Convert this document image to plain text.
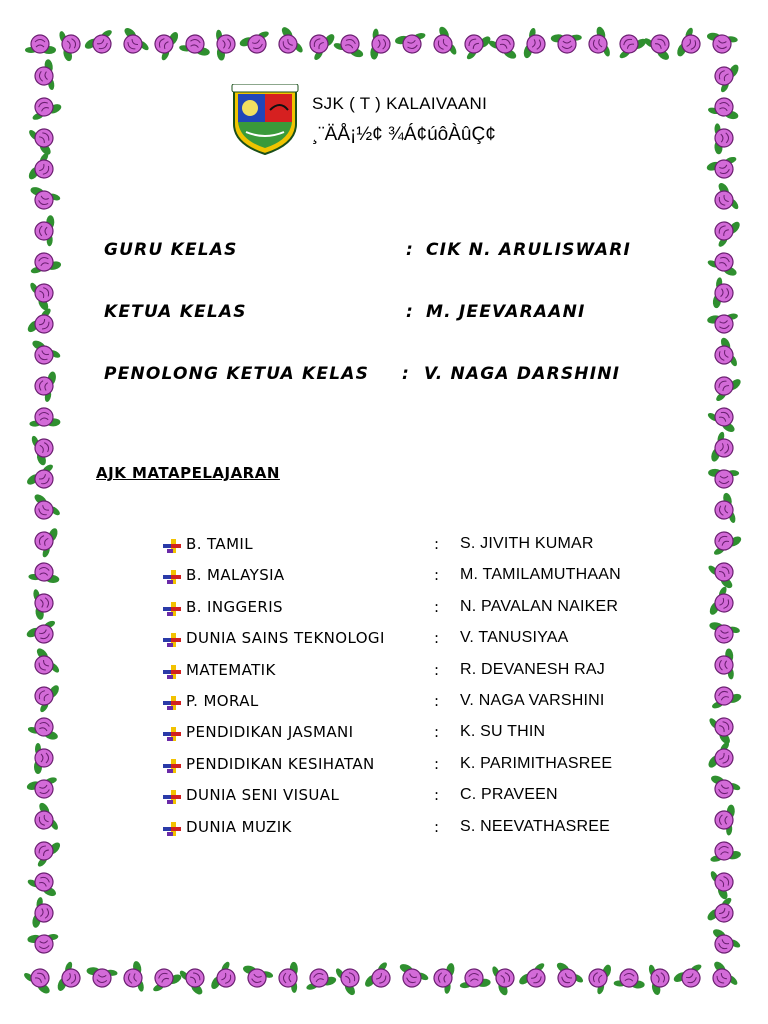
SJK ( T ) KALAIVAANI
¸¨ÄÅ¡½¢ ¾Á¢úôÀûÇ¢
GURU KELAS	: CIK N. ARULISWARI
KETUA KELAS	: M. JEEVARAANI
PENOLONG KETUA KELAS : V. NAGA DARSHINI
AJK MATAPELAJARAN
B. TAMIL	: S. JIVITH KUMAR
B. MALAYSIA	: M. TAMILAMUTHAAN
B. INGGERIS	: N. PAVALAN NAIKER
DUNIA SAINS TEKNOLOGI	: V. TANUSIYAA
MATEMATIK	: R. DEVANESH RAJ
P. MORAL	: V. NAGA VARSHINI
PENDIDIKAN JASMANI	: K. SU THIN
PENDIDIKAN KESIHATAN	: K. PARIMITHASREE
DUNIA SENI VISUAL	: C. PRAVEEN
DUNIA MUZIK	: S. NEEVATHASREE
